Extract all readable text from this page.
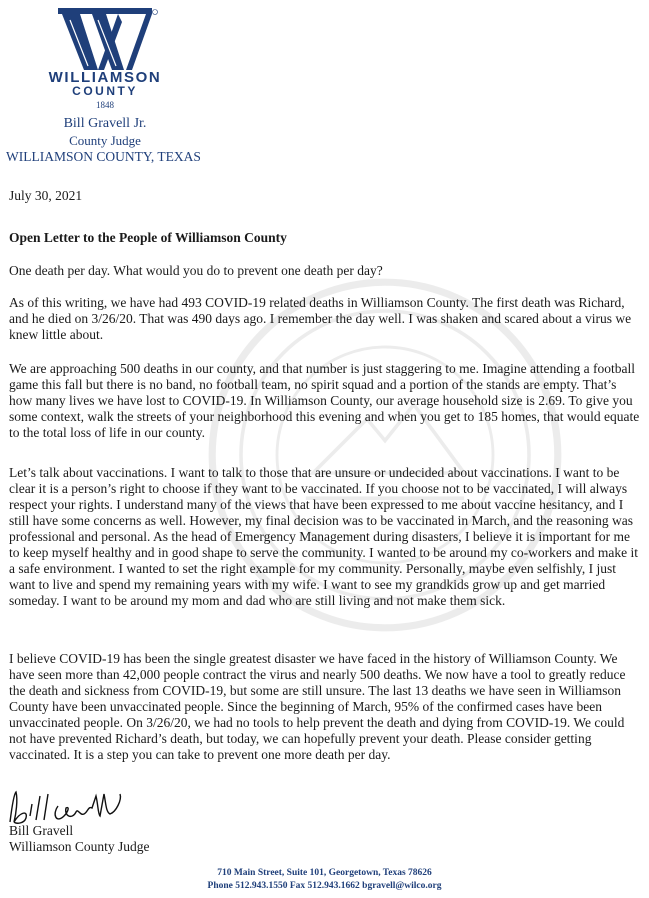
WILLIAMSON
COUNTY
1848
Bill Gravell Jr.
County Judge
WILLIAMSON COUNTY, TEXAS
July 30, 2021
Open Letter to the People of Williamson County

One death per day. What would you do to prevent one death per day?

As of this writing, we have had 493 COVID-19 related deaths in Williamson County. The first death was Richard, and he died on 3/26/20. That was 490 days ago. I remember the day well. I was shaken and scared about a virus we knew little about.

We are approaching 500 deaths in our county, and that number is just staggering to me. Imagine attending a football game this fall but there is no band, no football team, no spirit squad and a portion of the stands are empty. That’s how many lives we have lost to COVID-19. In Williamson County, our average household size is 2.69. To give you some context, walk the streets of your neighborhood this evening and when you get to 185 homes, that would equate to the total loss of life in our county.

Let’s talk about vaccinations. I want to talk to those that are unsure or undecided about vaccinations. I want to be clear it is a person’s right to choose if they want to be vaccinated. If you choose not to be vaccinated, I will always respect your rights. I understand many of the views that have been expressed to me about vaccine hesitancy, and I still have some concerns as well. However, my final decision was to be vaccinated in March, and the reasoning was professional and personal. As the head of Emergency Management during disasters, I believe it is important for me to keep myself healthy and in good shape to serve the community. I wanted to be around my co-workers and make it a safe environment. I wanted to set the right example for my community. Personally, maybe even selfishly, I just want to live and spend my remaining years with my wife. I want to see my grandkids grow up and get married someday. I want to be around my mom and dad who are still living and not make them sick.

I believe COVID-19 has been the single greatest disaster we have faced in the history of Williamson County. We have seen more than 42,000 people contract the virus and nearly 500 deaths. We now have a tool to greatly reduce the death and sickness from COVID-19, but some are still unsure. The last 13 deaths we have seen in Williamson County have been unvaccinated people. Since the beginning of March, 95% of the confirmed cases have been unvaccinated people. On 3/26/20, we had no tools to help prevent the death and dying from COVID-19. We could not have prevented Richard’s death, but today, we can hopefully prevent your death. Please consider getting vaccinated. It is a step you can take to prevent one more death per day.

Bill Gravell
Williamson County Judge
710 Main Street, Suite 101, Georgetown, Texas 78626
Phone 512.943.1550 Fax 512.943.1662 bgravell@wilco.org
